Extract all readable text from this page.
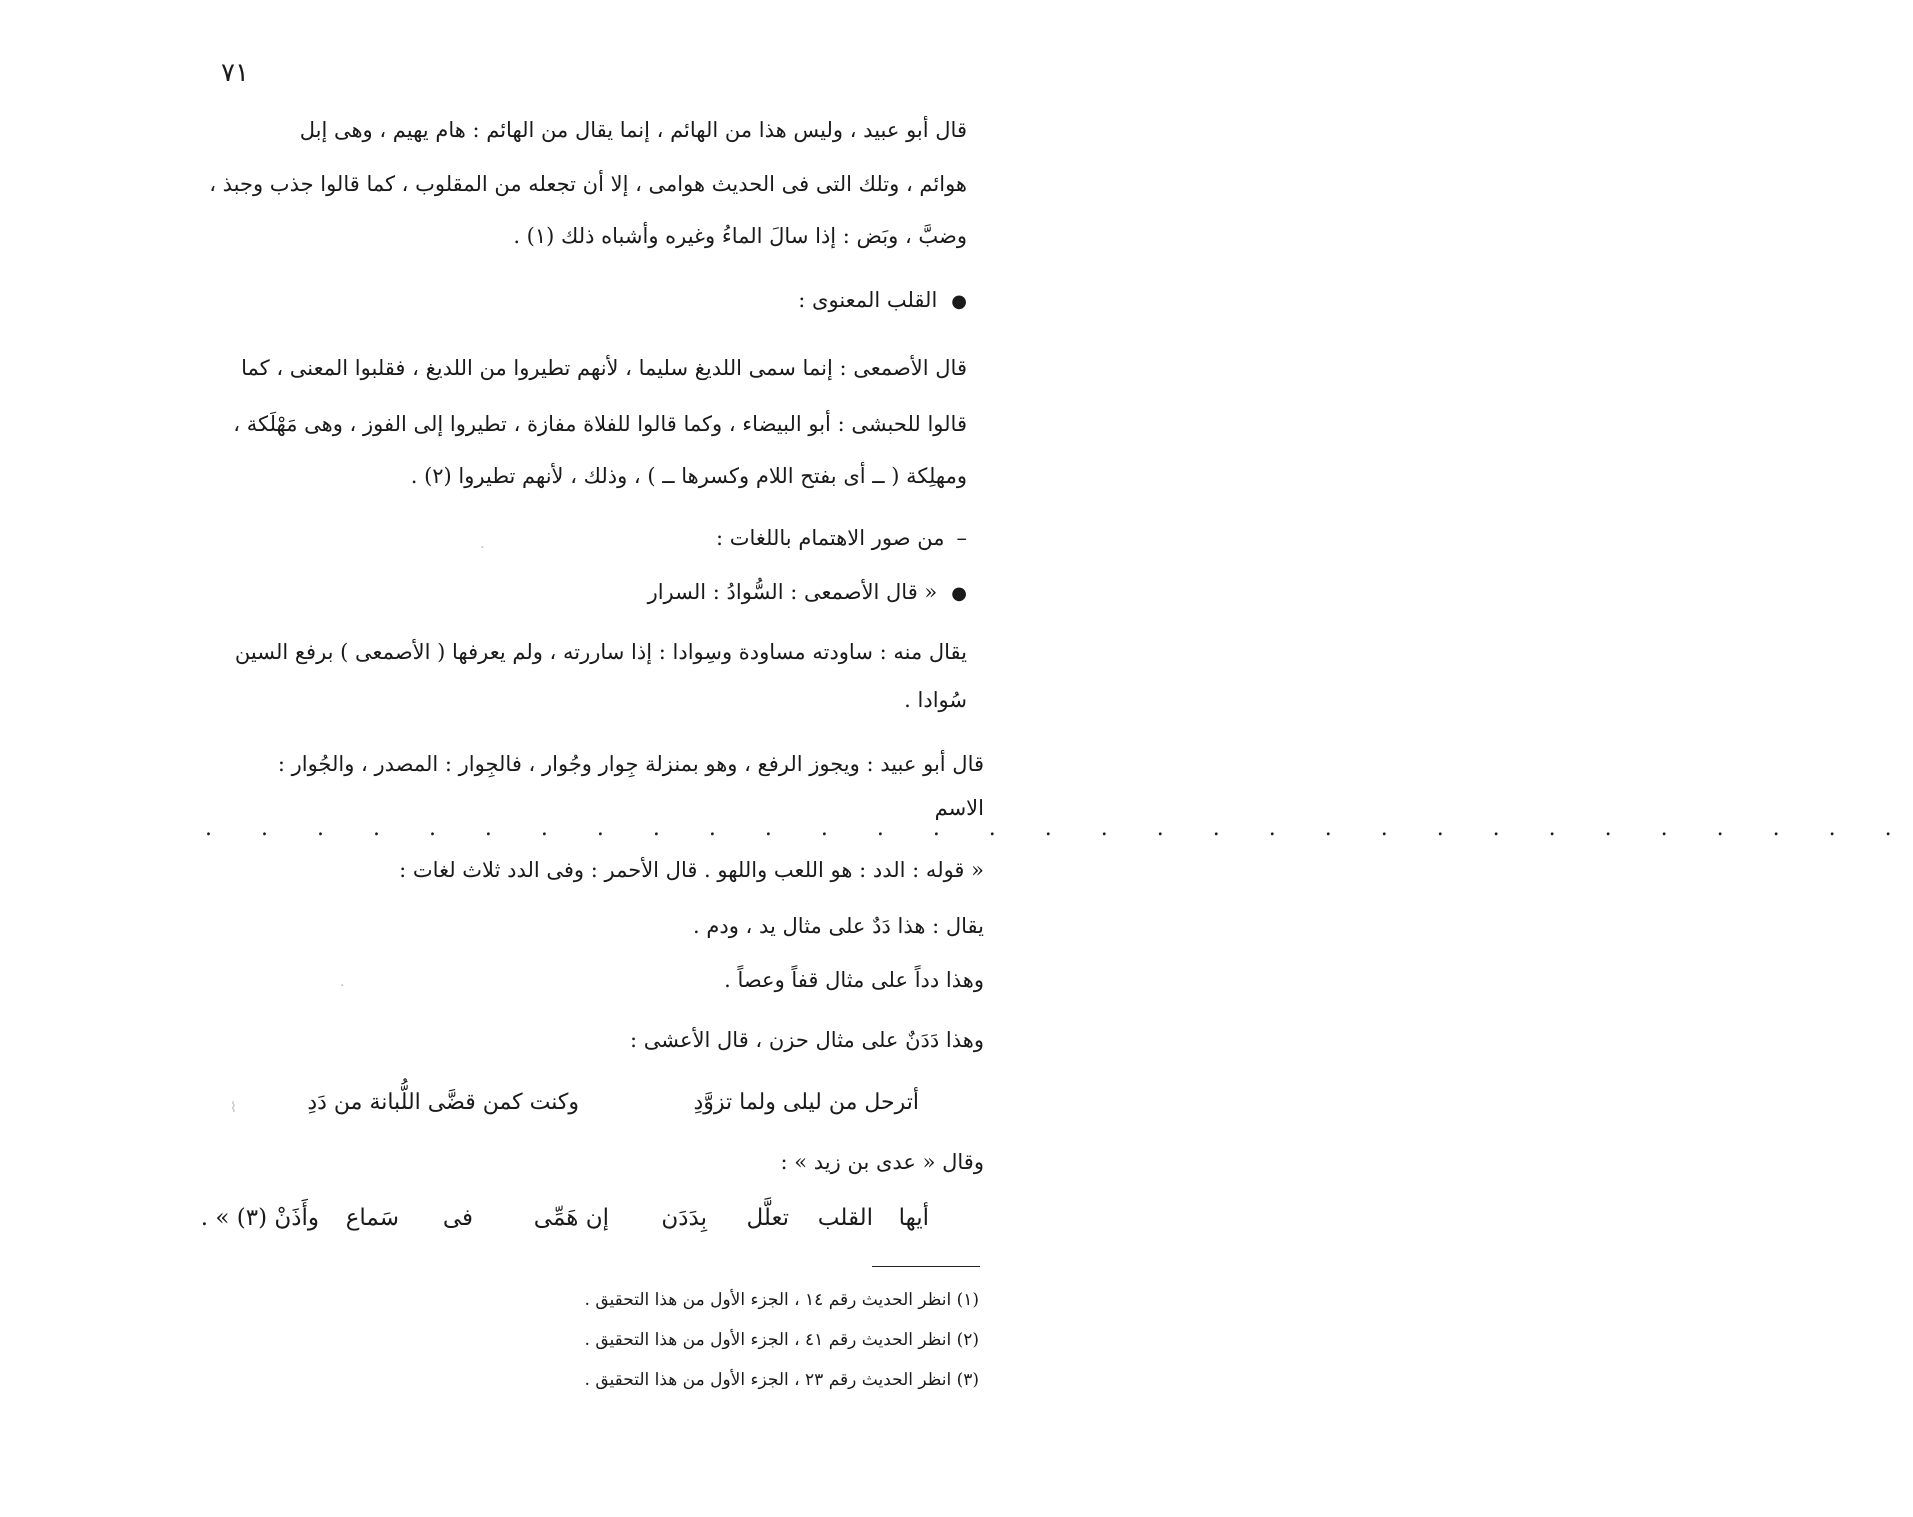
٧١
قال أبو عبيد ، وليس هذا من الهائم ، إنما يقال من الهائم : هام يهيم ، وهى إبل
هوائم ، وتلك التى فى الحديث هوامى ، إلا أن تجعله من المقلوب ، كما قالوا جذب وجبذ ،
وضبَّ ، وبَض : إذا سالَ الماءُ وغيره وأشباه ذلك (١) .
●القلب المعنوى :
قال الأصمعى : إنما سمى اللديغ سليما ، لأنهم تطيروا من اللديغ ، فقلبوا المعنى ، كما
قالوا للحبشى : أبو البيضاء ، وكما قالوا للفلاة مفازة ، تطيروا إلى الفوز ، وهى مَهْلَكة ،
ومهلِكة ( ــ أى بفتح اللام وكسرها ــ ) ، وذلك ، لأنهم تطيروا (٢) .
–من صور الاهتمام باللغات :
●« قال الأصمعى : السُّوادُ : السرار
يقال منه : ساودته مساودة وسِوادا : إذا ساررته ، ولم يعرفها ( الأصمعى ) برفع السين
سُوادا .
قال أبو عبيد : ويجوز الرفع ، وهو بمنزلة جِوار وجُوار ، فالجِوار : المصدر ، والجُوار :
الاسم
. . . . . . . . . . . . . . . . . . . . . . . . . . . . . . .
« قوله : الدد : هو اللعب واللهو . قال الأحمر : وفى الدد ثلاث لغات :
يقال : هذا دَدٌ على مثال يد ، ودم .
وهذا دداً على مثال قفاً وعصاً .
وهذا دَدَنٌ على مثال حزن ، قال الأعشى :
أترحل من ليلى ولما تزوَّدِ
وكنت كمن قضَّى اللُّبانة من دَدِ
وقال « عدى بن زيد » :
أيها
القلب
تعلَّل
بِدَدَن
إن هَمِّى
فى
سَماع
وأَذَنْ (٣) » .
(١) انظر الحديث رقم ١٤ ، الجزء الأول من هذا التحقيق .
(٢) انظر الحديث رقم ٤١ ، الجزء الأول من هذا التحقيق .
(٣) انظر الحديث رقم ٢٣ ، الجزء الأول من هذا التحقيق .
⌇
·
·
